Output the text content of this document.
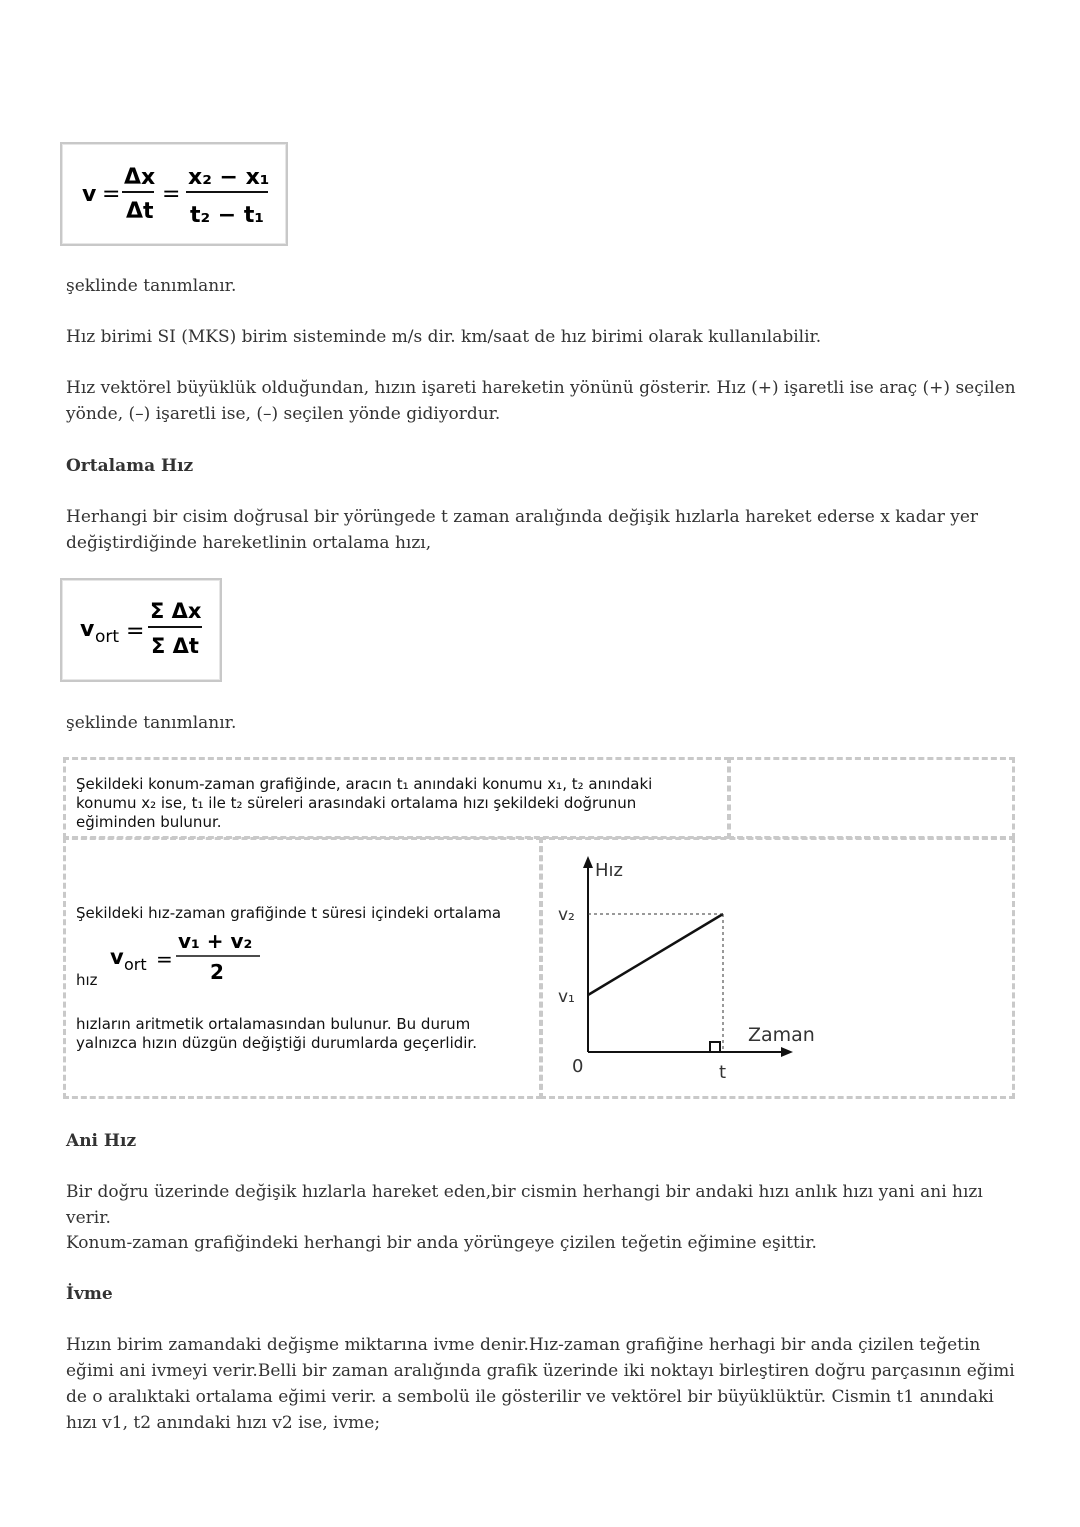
v =
Δx
Δt
=
x₂ − x₁
t₂ − t₁

şeklinde tanımlanır.

Hız birimi SI (MKS) birim sisteminde m/s dir. km/saat de hız birimi olarak kullanılabilir.

Hız vektörel büyüklük olduğundan, hızın işareti hareketin yönünü gösterir. Hız (+) işaretli ise araç (+) seçilen yönde, (–) işaretli ise, (–) seçilen yönde gidiyordur.

Ortalama Hız

Herhangi bir cisim doğrusal bir yörüngede t zaman aralığında değişik hızlarla hareket ederse x kadar yer değiştirdiğinde hareketlinin ortalama hızı,

v ort =
Σ Δx
Σ Δt

şeklinde tanımlanır.

Şekildeki konum-zaman grafiğinde, aracın t₁ anındaki konumu x₁, t₂ anındaki konumu x₂ ise, t₁ ile t₂ süreleri arasındaki ortalama hızı şekildeki doğrunun eğiminden bulunur.

Şekildeki hız-zaman grafiğinde t süresi içindeki ortalama

v ort =
v₁ + v₂
2

hız

hızların aritmetik ortalamasından bulunur. Bu durum yalnızca hızın düzgün değiştiği durumlarda geçerlidir.

Hız
Zaman
0	t
v₁
v₂

Ani Hız

Bir doğru üzerinde değişik hızlarla hareket eden,bir cismin herhangi bir andaki hızı anlık hızı yani ani hızı verir.

Konum-zaman grafiğindeki herhangi bir anda yörüngeye çizilen teğetin eğimine eşittir.

İvme

Hızın birim zamandaki değişme miktarına ivme denir.Hız-zaman grafiğine herhagi bir anda çizilen teğetin eğimi ani ivmeyi verir.Belli bir zaman aralığında grafik üzerinde iki noktayı birleştiren doğru parçasının eğimi de o aralıktaki ortalama eğimi verir. a sembolü ile gösterilir ve vektörel bir büyüklüktür. Cismin t1 anındaki hızı v1, t2 anındaki hızı v2 ise, ivme;
